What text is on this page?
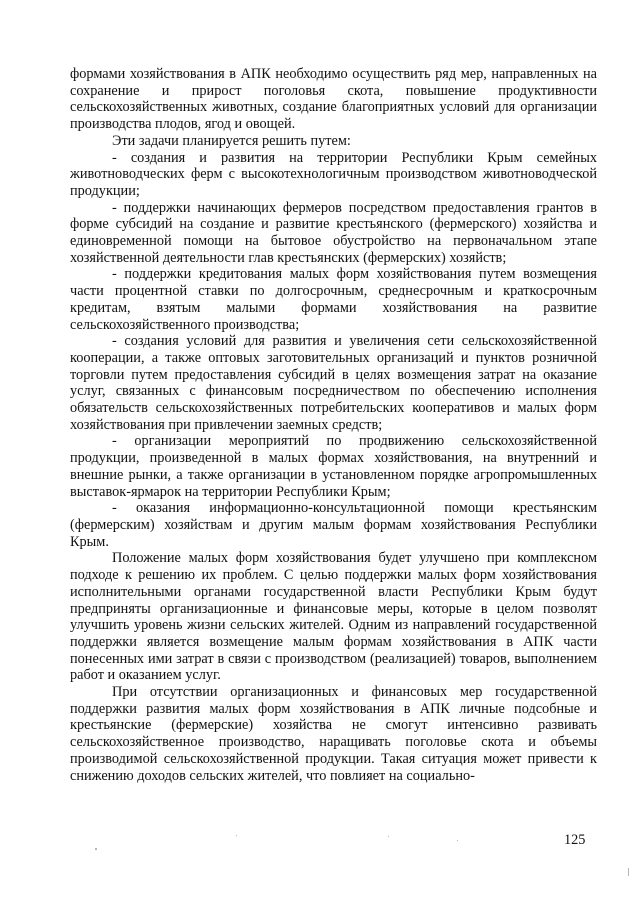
формами хозяйствования в АПК необходимо осуществить ряд мер, направленных на сохранение и прирост поголовья скота, повышение продуктивности сельскохозяйственных животных, создание благоприятных условий для организации производства плодов, ягод и овощей.

Эти задачи планируется решить путем:

- создания и развития на территории Республики Крым семейных животноводческих ферм с высокотехнологичным производством животноводческой продукции;

- поддержки начинающих фермеров посредством предоставления грантов в форме субсидий на создание и развитие крестьянского (фермерского) хозяйства и единовременной помощи на бытовое обустройство на первоначальном этапе хозяйственной деятельности глав крестьянских (фермерских) хозяйств;

- поддержки кредитования малых форм хозяйствования путем возмещения части процентной ставки по долгосрочным, среднесрочным и краткосрочным кредитам, взятым малыми формами хозяйствования на развитие сельскохозяйственного производства;

- создания условий для развития и увеличения сети сельскохозяйственной кооперации, а также оптовых заготовительных организаций и пунктов розничной торговли путем предоставления субсидий в целях возмещения затрат на оказание услуг, связанных с финансовым посредничеством по обеспечению исполнения обязательств сельскохозяйственных потребительских кооперативов и малых форм хозяйствования при привлечении заемных средств;

- организации мероприятий по продвижению сельскохозяйственной продукции, произведенной в малых формах хозяйствования, на внутренний и внешние рынки, а также организации в установленном порядке агропромышленных выставок-ярмарок на территории Республики Крым;

- оказания информационно-консультационной помощи крестьянским (фермерским) хозяйствам и другим малым формам хозяйствования Республики Крым.

Положение малых форм хозяйствования будет улучшено при комплексном подходе к решению их проблем. С целью поддержки малых форм хозяйствования исполнительными органами государственной власти Республики Крым будут предприняты организационные и финансовые меры, которые в целом позволят улучшить уровень жизни сельских жителей. Одним из направлений государственной поддержки является возмещение малым формам хозяйствования в АПК части понесенных ими затрат в связи с производством (реализацией) товаров, выполнением работ и оказанием услуг.

При отсутствии организационных и финансовых мер государственной поддержки развития малых форм хозяйствования в АПК личные подсобные и крестьянские (фермерские) хозяйства не смогут интенсивно развивать сельскохозяйственное производство, наращивать поголовье скота и объемы производимой сельскохозяйственной продукции. Такая ситуация может привести к снижению доходов сельских жителей, что повлияет на социально-

125
